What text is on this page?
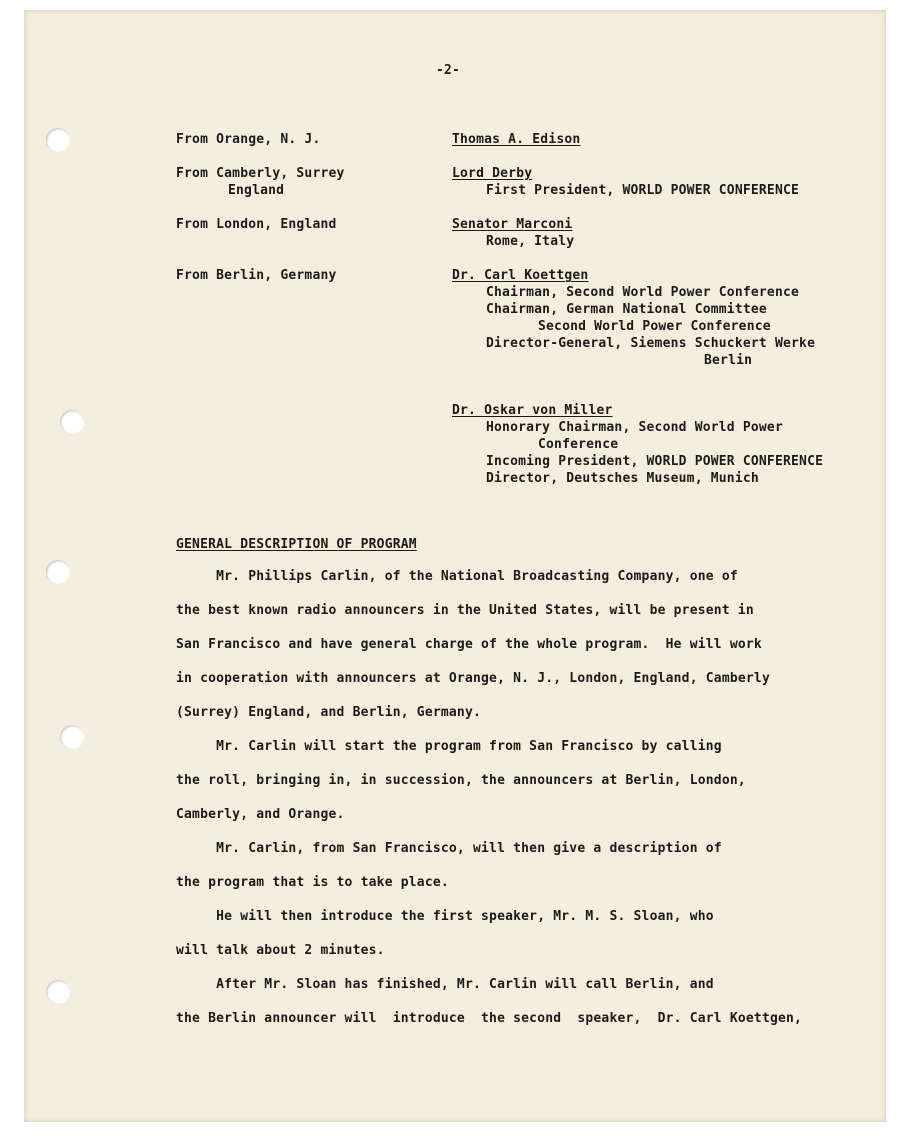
-2-
From Orange, N. J.
From Camberly, Surrey
England
From London, England
From Berlin, Germany
Thomas A. Edison
Lord Derby
First President, WORLD POWER CONFERENCE
Senator Marconi
Rome, Italy
Dr. Carl Koettgen
Chairman, Second World Power Conference
Chairman, German National Committee
Second World Power Conference
Director-General, Siemens Schuckert Werke
Berlin
Dr. Oskar von Miller
Honorary Chairman, Second World Power
Conference
Incoming President, WORLD POWER CONFERENCE
Director, Deutsches Museum, Munich
GENERAL DESCRIPTION OF PROGRAM
Mr. Phillips Carlin, of the National Broadcasting Company, one of
the best known radio announcers in the United States, will be present in
San Francisco and have general charge of the whole program.  He will work
in cooperation with announcers at Orange, N. J., London, England, Camberly
(Surrey) England, and Berlin, Germany.
Mr. Carlin will start the program from San Francisco by calling
the roll, bringing in, in succession, the announcers at Berlin, London,
Camberly, and Orange.
Mr. Carlin, from San Francisco, will then give a description of
the program that is to take place.
He will then introduce the first speaker, Mr. M. S. Sloan, who
will talk about 2 minutes.
After Mr. Sloan has finished, Mr. Carlin will call Berlin, and
the Berlin announcer will  introduce  the second  speaker,  Dr. Carl Koettgen,
